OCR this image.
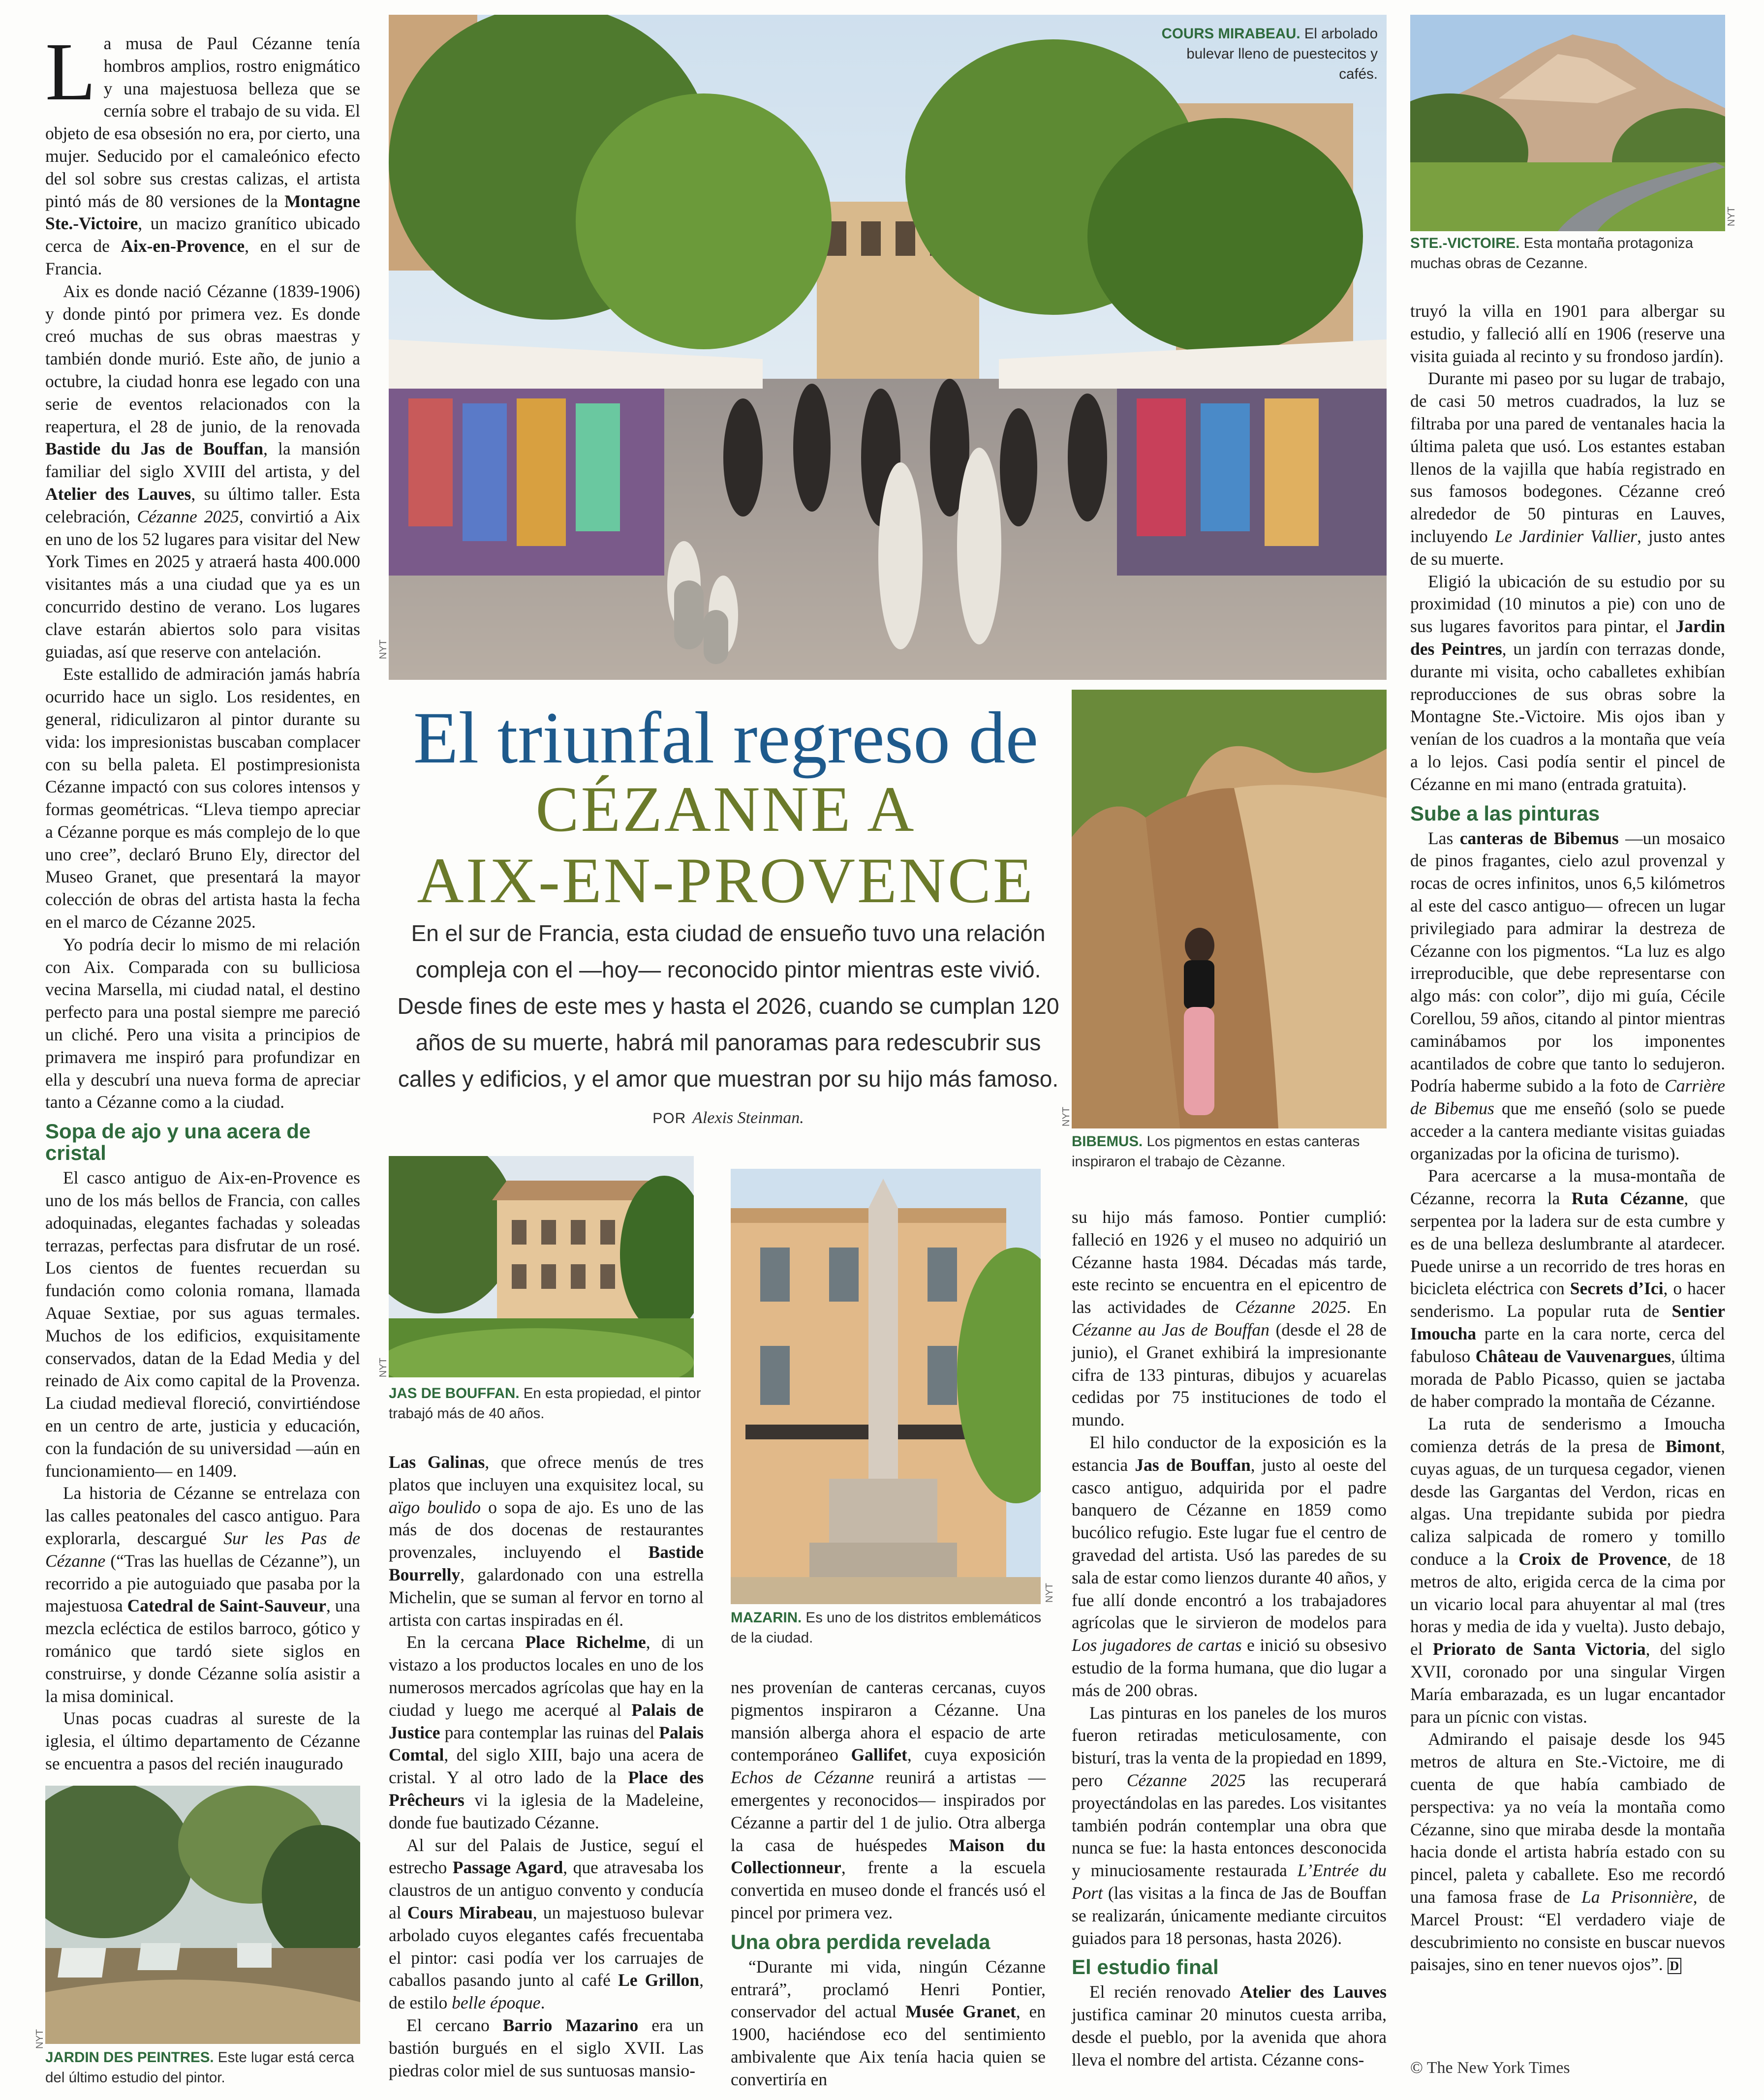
La musa de Paul Cézanne tenía hombros amplios, rostro enigmático y una majestuosa belleza que se cernía sobre el trabajo de su vida. El objeto de esa obsesión no era, por cierto, una mujer. Seducido por el camaleónico efecto del sol sobre sus crestas calizas, el artista pintó más de 80 versiones de la Montagne Ste.-Victoire, un macizo granítico ubicado cerca de Aix-en-Provence, en el sur de Francia.

Aix es donde nació Cézanne (1839-1906) y donde pintó por primera vez. Es donde creó muchas de sus obras maestras y también donde murió. Este año, de junio a octubre, la ciudad honra ese legado con una serie de eventos relacionados con la reapertura, el 28 de junio, de la renovada Bastide du Jas de Bouffan, la mansión familiar del siglo XVIII del artista, y del Atelier des Lauves, su último taller. Esta celebración, Cézanne 2025, convirtió a Aix en uno de los 52 lugares para visitar del New York Times en 2025 y atraerá hasta 400.000 visitantes más a una ciudad que ya es un concurrido destino de verano. Los lugares clave estarán abiertos solo para visitas guiadas, así que reserve con antelación.

Este estallido de admiración jamás habría ocurrido hace un siglo. Los residentes, en general, ridiculizaron al pintor durante su vida: los impresionistas buscaban complacer con su bella paleta. El postimpresionista Cézanne impactó con sus colores intensos y formas geométricas. “Lleva tiempo apreciar a Cézanne porque es más complejo de lo que uno cree”, declaró Bruno Ely, director del Museo Granet, que presentará la mayor colección de obras del artista hasta la fecha en el marco de Cézanne 2025.

Yo podría decir lo mismo de mi relación con Aix. Comparada con su bulliciosa vecina Marsella, mi ciudad natal, el destino perfecto para una postal siempre me pareció un cliché. Pero una visita a principios de primavera me inspiró para profundizar en ella y descubrí una nueva forma de apreciar tanto a Cézanne como a la ciudad.

Sopa de ajo y una acera de cristal

El casco antiguo de Aix-en-Provence es uno de los más bellos de Francia, con calles adoquinadas, elegantes fachadas y soleadas terrazas, perfectas para disfrutar de un rosé. Los cientos de fuentes recuerdan su fundación como colonia romana, llamada Aquae Sextiae, por sus aguas termales. Muchos de los edificios, exquisitamente conservados, datan de la Edad Media y del reinado de Aix como capital de la Provenza. La ciudad medieval floreció, convirtiéndose en un centro de arte, justicia y educación, con la fundación de su universidad —aún en funcionamiento— en 1409.

La historia de Cézanne se entrelaza con las calles peatonales del casco antiguo. Para explorarla, descargué Sur les Pas de Cézanne (“Tras las huellas de Cézanne”), un recorrido a pie autoguiado que pasaba por la majestuosa Catedral de Saint-Sauveur, una mezcla ecléctica de estilos barroco, gótico y románico que tardó siete siglos en construirse, y donde Cézanne solía asistir a la misa dominical.

Unas pocas cuadras al sureste de la iglesia, el último departamento de Cézanne se encuentra a pasos del recién inaugurado

NYT
JARDIN DES PEINTRES. Este lugar está cerca del último estudio del pintor.
NYT
COURS MIRABEAU. El arbolado bulevar lleno de puestecitos y cafés.
El triunfal regreso de
CÉZANNE A
AIX-EN-PROVENCE
En el sur de Francia, esta ciudad de ensueño tuvo una relación compleja con el —hoy— reconocido pintor mientras este vivió. Desde fines de este mes y hasta el 2026, cuando se cumplan 120 años de su muerte, habrá mil panoramas para redescubrir sus calles y edificios, y el amor que muestran por su hijo más famoso. POR Alexis Steinman.	NYT
BIBEMUS. Los pigmentos en estas canteras inspiraron el trabajo de Cèzanne.
NYT
JAS DE BOUFFAN. En esta propiedad, el pintor trabajó más de 40 años.
NYT
MAZARIN. Es uno de los distritos emblemáticos de la ciudad.
NYT
STE.-VICTOIRE. Esta montaña protagoniza muchas obras de Cezanne.

Las Galinas, que ofrece menús de tres platos que incluyen una exquisitez local, su aïgo boulido o sopa de ajo. Es uno de las más de dos docenas de restaurantes provenzales, incluyendo el Bastide Bourrelly, galardonado con una estrella Michelin, que se suman al fervor en torno al artista con cartas inspiradas en él.

En la cercana Place Richelme, di un vistazo a los productos locales en uno de los numerosos mercados agrícolas que hay en la ciudad y luego me acerqué al Palais de Justice para contemplar las ruinas del Palais Comtal, del siglo XIII, bajo una acera de cristal. Y al otro lado de la Place des Prêcheurs vi la iglesia de la Madeleine, donde fue bautizado Cézanne.

Al sur del Palais de Justice, seguí el estrecho Passage Agard, que atravesaba los claustros de un antiguo convento y conducía al Cours Mirabeau, un majestuoso bulevar arbolado cuyos elegantes cafés frecuentaba el pintor: casi podía ver los carruajes de caballos pasando junto al café Le Grillon, de estilo belle époque.

El cercano Barrio Mazarino era un bastión burgués en el siglo XVII. Las piedras color miel de sus suntuosas mansio-

nes provenían de canteras cercanas, cuyos pigmentos inspiraron a Cézanne. Una mansión alberga ahora el espacio de arte contemporáneo Gallifet, cuya exposición Echos de Cézanne reunirá a artistas —emergentes y reconocidos— inspirados por Cézanne a partir del 1 de julio. Otra alberga la casa de huéspedes Maison du Collectionneur, frente a la escuela convertida en museo donde el francés usó el pincel por primera vez.

Una obra perdida revelada

“Durante mi vida, ningún Cézanne entrará”, proclamó Henri Pontier, conservador del actual Musée Granet, en 1900, haciéndose eco del sentimiento ambivalente que Aix tenía hacia quien se convertiría en

su hijo más famoso. Pontier cumplió: falleció en 1926 y el museo no adquirió un Cézanne hasta 1984. Décadas más tarde, este recinto se encuentra en el epicentro de las actividades de Cézanne 2025. En Cézanne au Jas de Bouffan (desde el 28 de junio), el Granet exhibirá la impresionante cifra de 133 pinturas, dibujos y acuarelas cedidas por 75 instituciones de todo el mundo.

El hilo conductor de la exposición es la estancia Jas de Bouffan, justo al oeste del casco antiguo, adquirida por el padre banquero de Cézanne en 1859 como bucólico refugio. Este lugar fue el centro de gravedad del artista. Usó las paredes de su sala de estar como lienzos durante 40 años, y fue allí donde encontró a los trabajadores agrícolas que le sirvieron de modelos para Los jugadores de cartas e inició su obsesivo estudio de la forma humana, que dio lugar a más de 200 obras.

Las pinturas en los paneles de los muros fueron retiradas meticulosamente, con bisturí, tras la venta de la propiedad en 1899, pero Cézanne 2025 las recuperará proyectándolas en las paredes. Los visitantes también podrán contemplar una obra que nunca se fue: la hasta entonces desconocida y minuciosamente restaurada L’Entrée du Port (las visitas a la finca de Jas de Bouffan se realizarán, únicamente mediante circuitos guiados para 18 personas, hasta 2026).

El estudio final

El recién renovado Atelier des Lauves justifica caminar 20 minutos cuesta arriba, desde el pueblo, por la avenida que ahora lleva el nombre del artista. Cézanne cons-

truyó la villa en 1901 para albergar su estudio, y falleció allí en 1906 (reserve una visita guiada al recinto y su frondoso jardín).

Durante mi paseo por su lugar de trabajo, de casi 50 metros cuadrados, la luz se filtraba por una pared de ventanales hacia la última paleta que usó. Los estantes estaban llenos de la vajilla que había registrado en sus famosos bodegones. Cézanne creó alrededor de 50 pinturas en Lauves, incluyendo Le Jardinier Vallier, justo antes de su muerte.

Eligió la ubicación de su estudio por su proximidad (10 minutos a pie) con uno de sus lugares favoritos para pintar, el Jardin des Peintres, un jardín con terrazas donde, durante mi visita, ocho caballetes exhibían reproducciones de sus obras sobre la Montagne Ste.-Victoire. Mis ojos iban y venían de los cuadros a la montaña que veía a lo lejos. Casi podía sentir el pincel de Cézanne en mi mano (entrada gratuita).

Sube a las pinturas

Las canteras de Bibemus —un mosaico de pinos fragantes, cielo azul provenzal y rocas de ocres infinitos, unos 6,5 kilómetros al este del casco antiguo— ofrecen un lugar privilegiado para admirar la destreza de Cézanne con los pigmentos. “La luz es algo irreproducible, que debe representarse con algo más: con color”, dijo mi guía, Cécile Corellou, 59 años, citando al pintor mientras caminábamos por los imponentes acantilados de cobre que tanto lo sedujeron. Podría haberme subido a la foto de Carrière de Bibemus que me enseñó (solo se puede acceder a la cantera mediante visitas guiadas organizadas por la oficina de turismo).

Para acercarse a la musa-montaña de Cézanne, recorra la Ruta Cézanne, que serpentea por la ladera sur de esta cumbre y es de una belleza deslumbrante al atardecer. Puede unirse a un recorrido de tres horas en bicicleta eléctrica con Secrets d’Ici, o hacer senderismo. La popular ruta de Sentier Imoucha parte en la cara norte, cerca del fabuloso Château de Vauvenargues, última morada de Pablo Picasso, quien se jactaba de haber comprado la montaña de Cézanne.

La ruta de senderismo a Imoucha comienza detrás de la presa de Bimont, cuyas aguas, de un turquesa cegador, vienen desde las Gargantas del Verdon, ricas en algas. Una trepidante subida por piedra caliza salpicada de romero y tomillo conduce a la Croix de Provence, de 18 metros de alto, erigida cerca de la cima por un vicario local para ahuyentar al mal (tres horas y media de ida y vuelta). Justo debajo, el Priorato de Santa Victoria, del siglo XVII, coronado por una singular Virgen María embarazada, es un lugar encantador para un pícnic con vistas.

Admirando el paisaje desde los 945 metros de altura en Ste.-Victoire, me di cuenta de que había cambiado de perspectiva: ya no veía la montaña como Cézanne, sino que miraba desde la montaña hacia donde el artista habría estado con su pincel, paleta y caballete. Eso me recordó una famosa frase de La Prisonnière, de Marcel Proust: “El verdadero viaje de descubrimiento no consiste en buscar nuevos paisajes, sino en tener nuevos ojos”. D

© The New York Times
